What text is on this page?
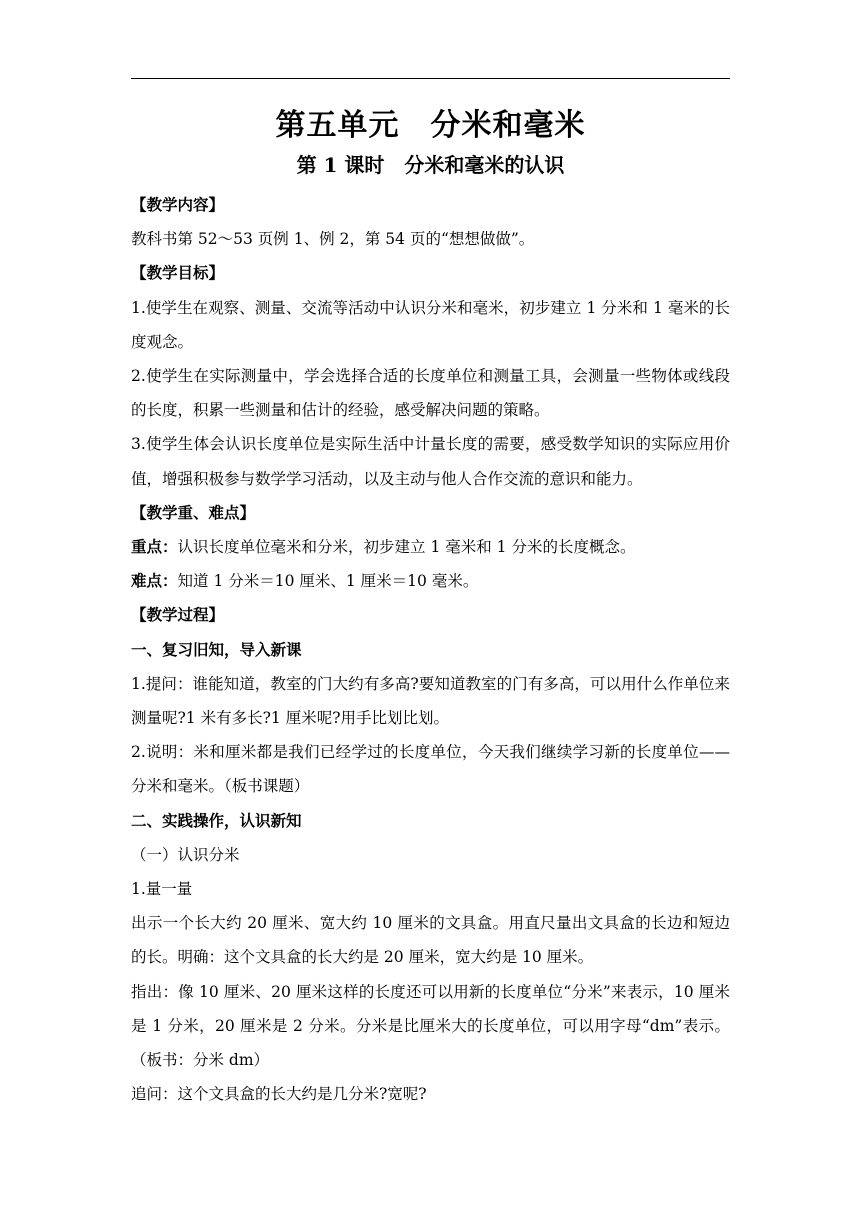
第五单元　分米和毫米
第 1 课时　分米和毫米的认识

【教学内容】

教科书第 52～53 页例 1、例 2，第 54 页的“想想做做”。

【教学目标】

1.使学生在观察、测量、交流等活动中认识分米和毫米，初步建立 1 分米和 1 毫米的长度观念。

2.使学生在实际测量中，学会选择合适的长度单位和测量工具，会测量一些物体或线段的长度，积累一些测量和估计的经验，感受解决问题的策略。

3.使学生体会认识长度单位是实际生活中计量长度的需要，感受数学知识的实际应用价值，增强积极参与数学学习活动，以及主动与他人合作交流的意识和能力。

【教学重、难点】

重点：认识长度单位毫米和分米，初步建立 1 毫米和 1 分米的长度概念。

难点：知道 1 分米＝10 厘米、1 厘米＝10 毫米。

【教学过程】

一、复习旧知，导入新课

1.提问：谁能知道，教室的门大约有多高?要知道教室的门有多高，可以用什么作单位来测量呢?1 米有多长?1 厘米呢?用手比划比划。

2.说明：米和厘米都是我们已经学过的长度单位，今天我们继续学习新的长度单位——分米和毫米。（板书课题）

二、实践操作，认识新知

（一）认识分米

1.量一量

出示一个长大约 20 厘米、宽大约 10 厘米的文具盒。用直尺量出文具盒的长边和短边的长。明确：这个文具盒的长大约是 20 厘米，宽大约是 10 厘米。

指出：像 10 厘米、20 厘米这样的长度还可以用新的长度单位“分米”来表示，10 厘米是 1 分米，20 厘米是 2 分米。分米是比厘米大的长度单位，可以用字母“dm”表示。（板书：分米 dm）

追问：这个文具盒的长大约是几分米?宽呢?
